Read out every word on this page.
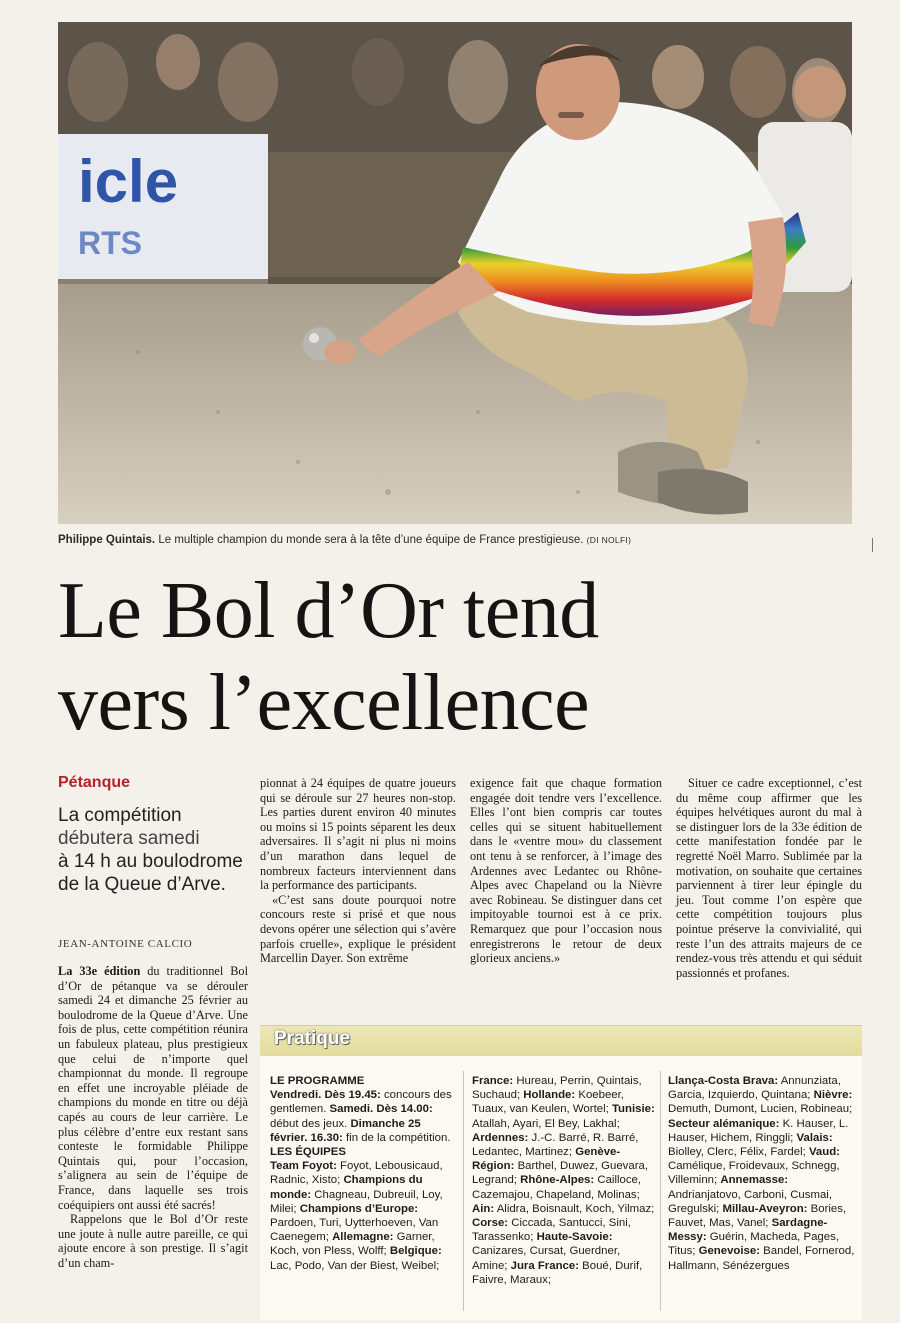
icle
RTS
Philippe Quintais. Le multiple champion du monde sera à la tête d’une équipe de France prestigieuse. (DI NOLFI)
Le Bol d’Or tend
vers l’excellence
Pétanque
La compétition
débutera samedi
à 14 h au boulodrome
de la Queue d’Arve.
JEAN-ANTOINE CALCIO

La 33e édition du traditionnel Bol d’Or de pétanque va se dérouler samedi 24 et dimanche 25 février au boulodrome de la Queue d’Arve. Une fois de plus, cette compétition réunira un fabuleux plateau, plus prestigieux que celui de n’importe quel championnat du monde. Il regroupe en effet une incroyable pléiade de champions du monde en titre ou déjà capés au cours de leur carrière. Le plus célèbre d’entre eux restant sans conteste le formidable Philippe Quintais qui, pour l’occasion, s’alignera au sein de l’équipe de France, dans laquelle ses trois coéquipiers ont aussi été sacrés!

Rappelons que le Bol d’Or reste une joute à nulle autre pareille, ce qui ajoute encore à son prestige. Il s’agit d’un cham-

pionnat à 24 équipes de quatre joueurs qui se déroule sur 27 heures non-stop. Les parties durent environ 40 minutes ou moins si 15 points séparent les deux adversaires. Il s’agit ni plus ni moins d’un marathon dans lequel de nombreux facteurs interviennent dans la performance des participants.

«C’est sans doute pourquoi notre concours reste si prisé et que nous devons opérer une sélection qui s’avère parfois cruelle», explique le président Marcellin Dayer. Son extrême

exigence fait que chaque formation engagée doit tendre vers l’excellence. Elles l’ont bien compris car toutes celles qui se situent habituellement dans le «ventre mou» du classement ont tenu à se renforcer, à l’image des Ardennes avec Ledantec ou Rhône-Alpes avec Chapeland ou la Nièvre avec Robineau. Se distinguer dans cet impitoyable tournoi est à ce prix. Remarquez que pour l’occasion nous enregistrerons le retour de deux glorieux anciens.»

Situer ce cadre exceptionnel, c’est du même coup affirmer que les équipes helvétiques auront du mal à se distinguer lors de la 33e édition de cette manifestation fondée par le regretté Noël Marro. Sublimée par la motivation, on souhaite que certaines parviennent à tirer leur épingle du jeu. Tout comme l’on espère que cette compétition toujours plus pointue préserve la convivialité, qui reste l’un des attraits majeurs de ce rendez-vous très attendu et qui séduit passionnés et profanes.

Pratique
LE PROGRAMME
Vendredi. Dès 19.45: concours des gentlemen. Samedi. Dès 14.00: début des jeux. Dimanche 25 février. 16.30: fin de la compétition.
LES ÉQUIPES
Team Foyot: Foyot, Lebousicaud, Radnic, Xisto; Champions du monde: Chagneau, Dubreuil, Loy, Milei; Champions d’Europe: Pardoen, Turi, Uytterhoeven, Van Caenegem; Allemagne: Garner, Koch, von Pless, Wolff; Belgique: Lac, Podo, Van der Biest, Weibel;
France: Hureau, Perrin, Quintais, Suchaud; Hollande: Koebeer, Tuaux, van Keulen, Wortel; Tunisie: Atallah, Ayari, El Bey, Lakhal; Ardennes: J.-C. Barré, R. Barré, Ledantec, Martinez; Genève-Région: Barthel, Duwez, Guevara, Legrand; Rhône-Alpes: Cailloce, Cazemajou, Chapeland, Molinas; Ain: Alidra, Boisnault, Koch, Yilmaz; Corse: Ciccada, Santucci, Sini, Tarassenko; Haute-Savoie: Canizares, Cursat, Guerdner, Amine; Jura France: Boué, Durif, Faivre, Maraux;
Llança-Costa Brava: Annunziata, Garcia, Izquierdo, Quintana; Nièvre: Demuth, Dumont, Lucien, Robineau; Secteur alémanique: K. Hauser, L. Hauser, Hichem, Ringgli; Valais: Biolley, Clerc, Félix, Fardel; Vaud: Camélique, Froidevaux, Schnegg, Villeminn; Annemasse: Andrianjatovo, Carboni, Cusmai, Gregulski; Millau-Aveyron: Bories, Fauvet, Mas, Vanel; Sardagne-Messy: Guérin, Macheda, Pages, Titus; Genevoise: Bandel, Fornerod, Hallmann, Sénézergues
